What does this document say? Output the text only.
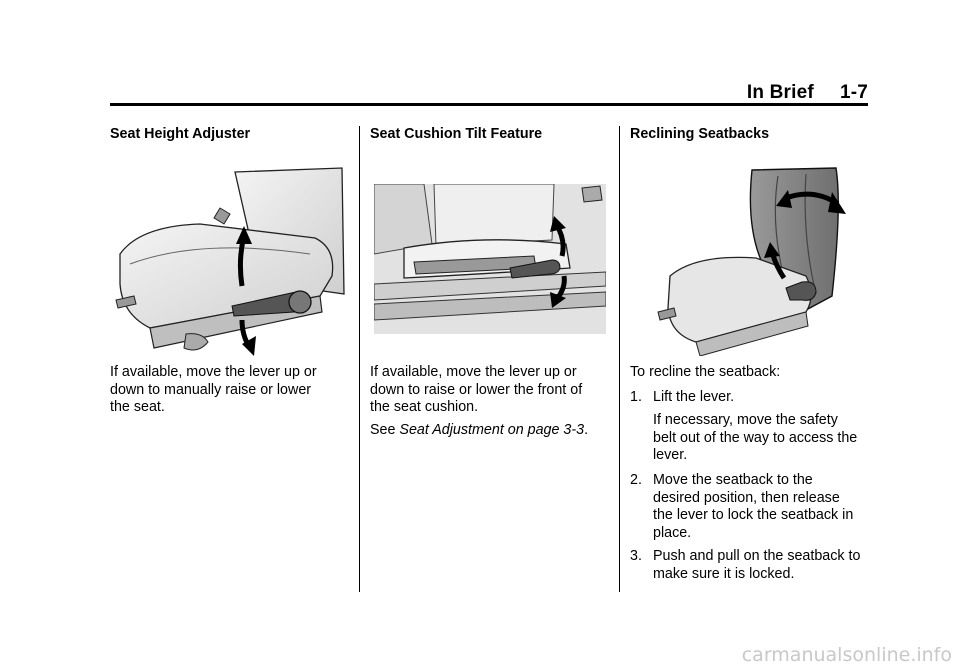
In Brief 1-7
Seat Height Adjuster
If available, move the lever up or
down to manually raise or lower
the seat.
Seat Cushion Tilt Feature
If available, move the lever up or
down to raise or lower the front of
the seat cushion.
See Seat Adjustment on page 3-3.
Reclining Seatbacks
To recline the seatback:
1. Lift the lever.
If necessary, move the safety
belt out of the way to access the
lever.
2. Move the seatback to the
desired position, then release
the lever to lock the seatback in
place.
3. Push and pull on the seatback to
make sure it is locked.
carmanualsonline.info
